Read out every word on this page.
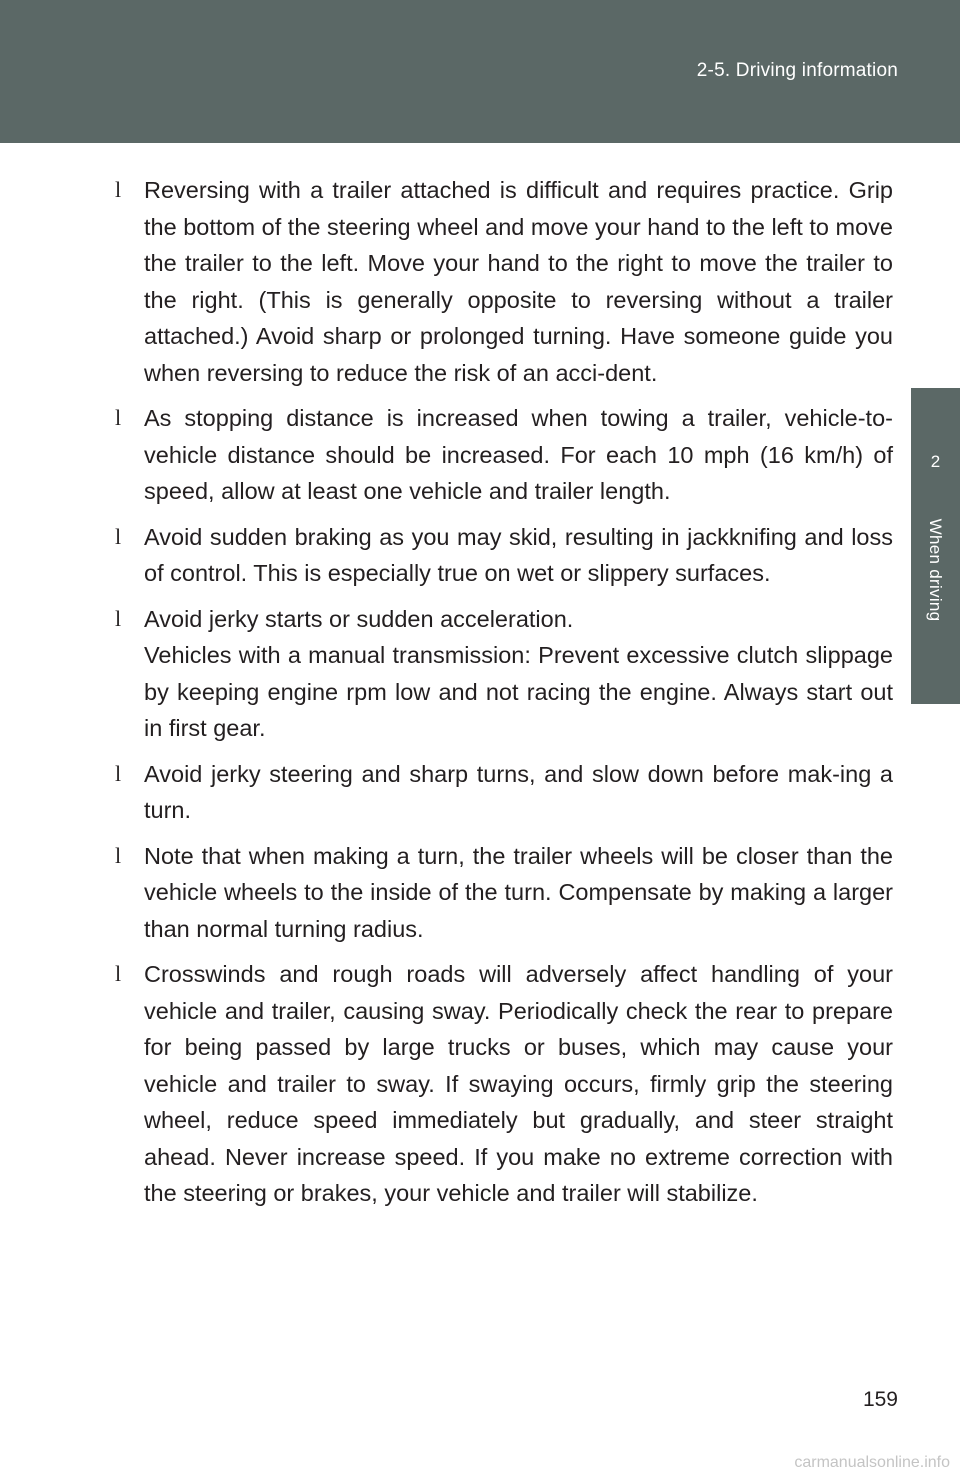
2-5. Driving information
2
When driving
l Reversing with a trailer attached is difficult and requires practice. Grip the bottom of the steering wheel and move your hand to the left to move the trailer to the left. Move your hand to the right to move the trailer to the right. (This is generally opposite to reversing without a trailer attached.) Avoid sharp or prolonged turning. Have someone guide you when reversing to reduce the risk of an acci-dent.
l As stopping distance is increased when towing a trailer, vehicle-to-vehicle distance should be increased. For each 10 mph (16 km/h) of speed, allow at least one vehicle and trailer length.
l Avoid sudden braking as you may skid, resulting in jackknifing and loss of control. This is especially true on wet or slippery surfaces.
l Avoid jerky starts or sudden acceleration.
Vehicles with a manual transmission: Prevent excessive clutch slippage by keeping engine rpm low and not racing the engine. Always start out in first gear.
l Avoid jerky steering and sharp turns, and slow down before mak-ing a turn.
l Note that when making a turn, the trailer wheels will be closer than the vehicle wheels to the inside of the turn. Compensate by making a larger than normal turning radius.
l Crosswinds and rough roads will adversely affect handling of your vehicle and trailer, causing sway. Periodically check the rear to prepare for being passed by large trucks or buses, which may cause your vehicle and trailer to sway. If swaying occurs, firmly grip the steering wheel, reduce speed immediately but gradually, and steer straight ahead. Never increase speed. If you make no extreme correction with the steering or brakes, your vehicle and trailer will stabilize.
159
carmanualsonline.info
